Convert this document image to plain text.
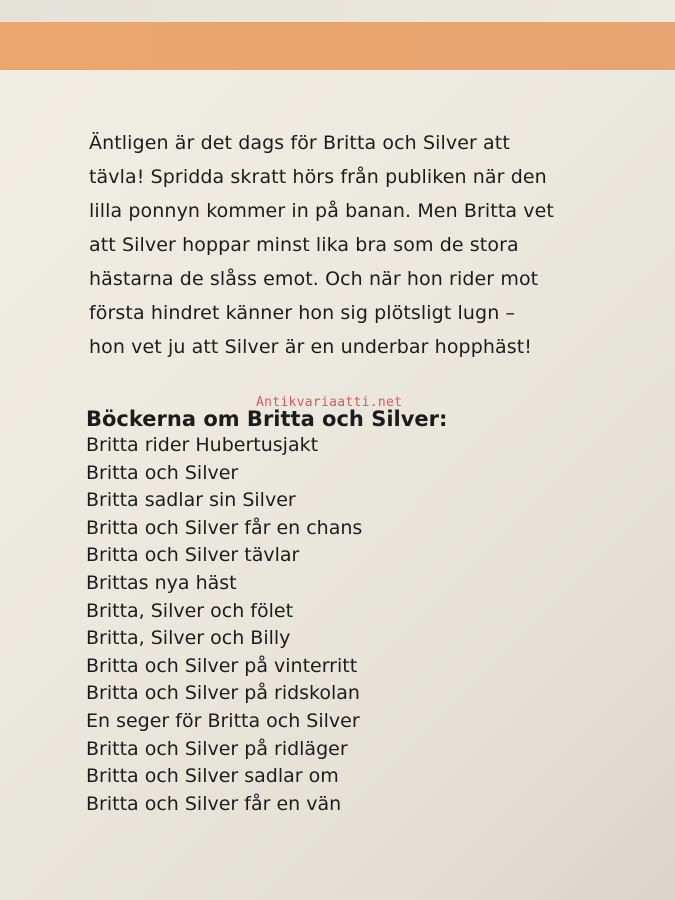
Äntligen är det dags för Britta och Silver att
tävla! Spridda skratt hörs från publiken när den
lilla ponnyn kommer in på banan. Men Britta vet
att Silver hoppar minst lika bra som de stora
hästarna de slåss emot. Och när hon rider mot
första hindret känner hon sig plötsligt lugn –
hon vet ju att Silver är en underbar hopphäst!

Böckerna om Britta och Silver:
Antikvariaatti.net
Britta rider Hubertusjakt
Britta och Silver
Britta sadlar sin Silver
Britta och Silver får en chans
Britta och Silver tävlar
Brittas nya häst
Britta, Silver och fölet
Britta, Silver och Billy
Britta och Silver på vinterritt
Britta och Silver på ridskolan
En seger för Britta och Silver
Britta och Silver på ridläger
Britta och Silver sadlar om
Britta och Silver får en vän
